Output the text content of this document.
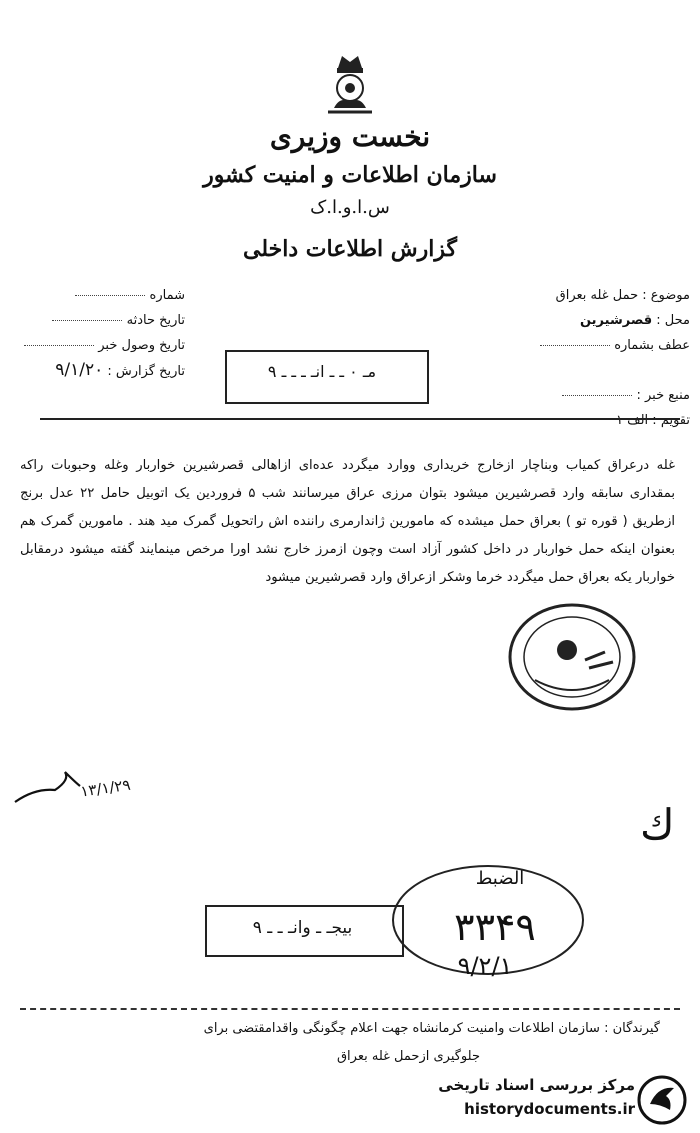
نخست وزیری
سازمان اطلاعات و امنیت کشور
س.ا.و.ا.ک
گزارش اطلاعات داخلی
شماره
تاریخ حادثه
تاریخ وصول خبر
تاریخ گزارش : ۹/۱/۲۰
موضوع : حمل غله بعراق
محل : قصرشیرین
عطف بشماره

منبع خبر :
تقویم : الف ۱
مـ ٠ ـ ـ انـ ـ ـ ـ ۹
غله درعراق کمیاب وبناچار ازخارج خریداری ووارد میگردد عده‌ای ازاهالی قصرشیرین خواربار وغله وحبوبات راکه بمقداری سابقه وارد قصرشیرین میشود بتوان مرزی عراق میرسانند شب ۵ فروردین یک اتوبیل حامل ۲۲ عدل برنج ازطریق ( قوره تو ) بعراق حمل میشده که مامورین ژاندارمری راننده اش راتحویل گمرک مید هند . مامورین گمرک هم بعنوان اینکه حمل خواربار در داخل کشور آزاد است وچون ازمرز خارج نشد اورا مرخص مینمایند گفته میشود درمقابل خواربار یکه بعراق حمل میگردد خرما وشکر ازعراق وارد قصرشیرین میشود
۱۳/۱/۲۹
ك
بیجـ ـ وانـ ـ ـ ۹
الضبط
۳۳۴۹
۹/۲/۱
گیرندگان : سازمان اطلاعات وامنیت کرمانشاه جهت اعلام چگونگی واقدامقتضی برای
جلوگیری ازحمل غله بعراق
مرکز بررسی اسناد تاریخی
historydocuments.ir
